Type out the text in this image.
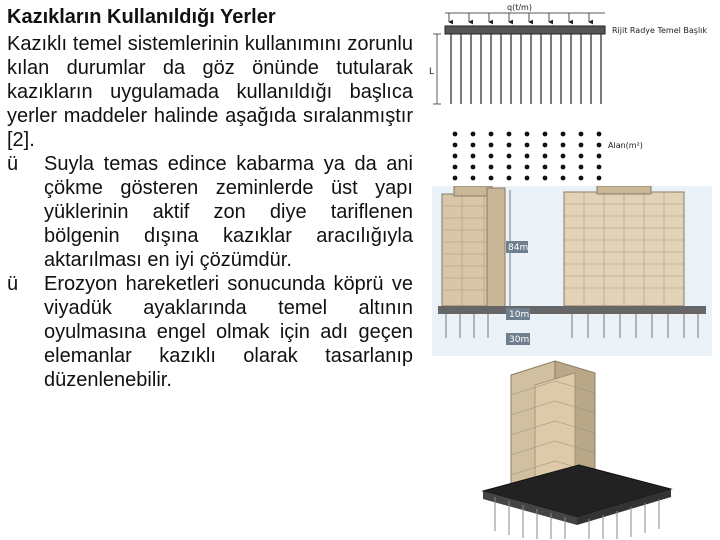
Kazıkların Kullanıldığı Yerler

Kazıklı temel sistemlerinin kullanımını zorunlu kılan durumlar da göz önünde tutularak kazıkların uygulamada kullanıldığı başlıca yerler maddeler halinde aşağıda sıralanmıştır [2].

ü Suyla temas edince kabarma ya da ani çökme gösteren zeminlerde üst yapı yüklerinin aktif zon diye tariflenen bölgenin dışına kazıklar aracılığıyla aktarılması en iyi çözümdür.
ü Erozyon hareketleri sonucunda köprü ve viyadük ayaklarında temel altının oyulmasına engel olmak için adı geçen elemanlar kazıklı olarak tasarlanıp düzenlenebilir.
q(t/m)
Rijit Radye Temel Başlık
L
Alan(m²)
84m
10m
30m
